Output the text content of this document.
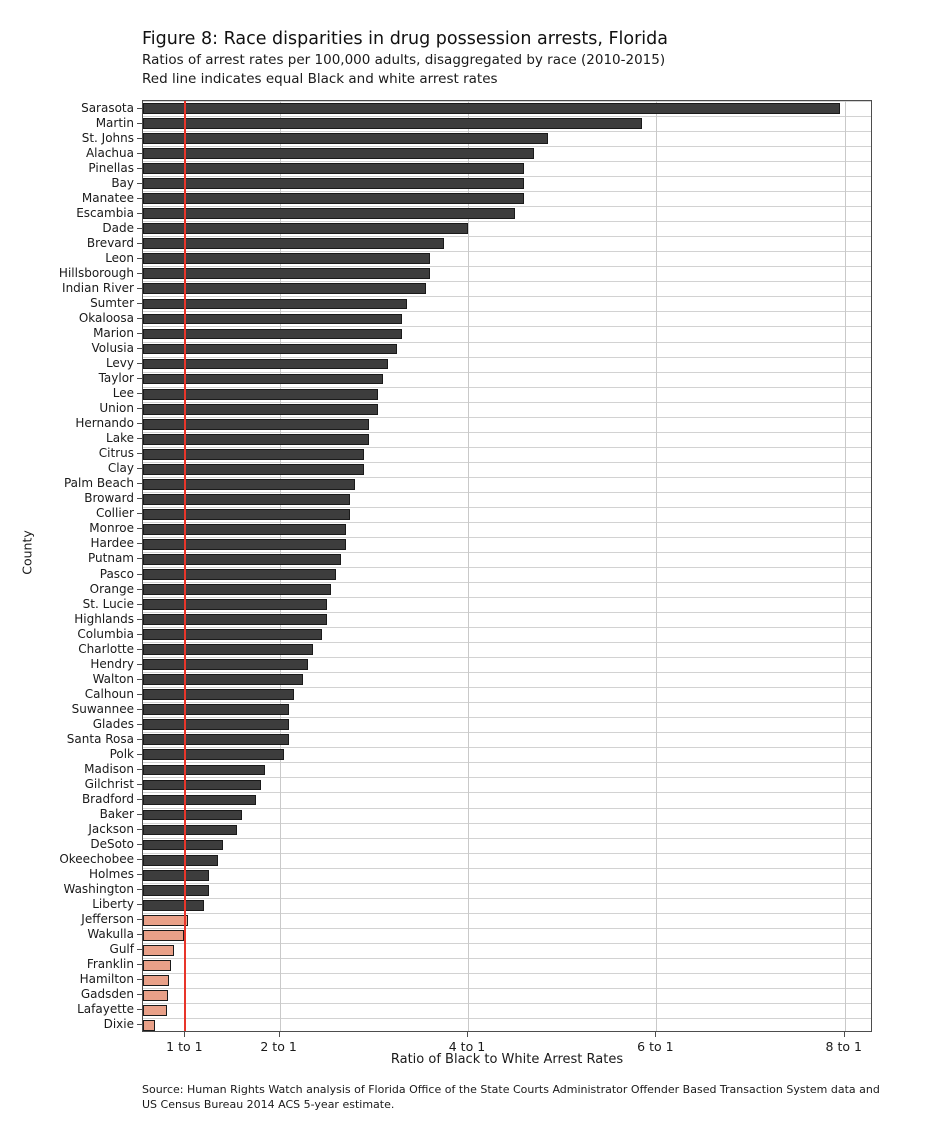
Figure 8: Race disparities in drug possession arrests, Florida
Ratios of arrest rates per 100,000 adults, disaggregated by race (2010-2015)
Red line indicates equal Black and white arrest rates
County
Ratio of Black to White Arrest Rates
Source: Human Rights Watch analysis of Florida Office of the State Courts Administrator Offender Based Transaction System data and US Census Bureau 2014 ACS 5-year estimate.
Sarasota
Martin
St. Johns
Alachua
Pinellas
Bay
Manatee
Escambia
Dade
Brevard
Leon
Hillsborough
Indian River
Sumter
Okaloosa
Marion
Volusia
Levy
Taylor
Lee
Union
Hernando
Lake
Citrus
Clay
Palm Beach
Broward
Collier
Monroe
Hardee
Putnam
Pasco
Orange
St. Lucie
Highlands
Columbia
Charlotte
Hendry
Walton
Calhoun
Suwannee
Glades
Santa Rosa
Polk
Madison
Gilchrist
Bradford
Baker
Jackson
DeSoto
Okeechobee
Holmes
Washington
Liberty
Jefferson
Wakulla
Gulf
Franklin
Hamilton
Gadsden
Lafayette
Dixie
1 to 1	2 to 1	4 to 1	6 to 1	8 to 1
